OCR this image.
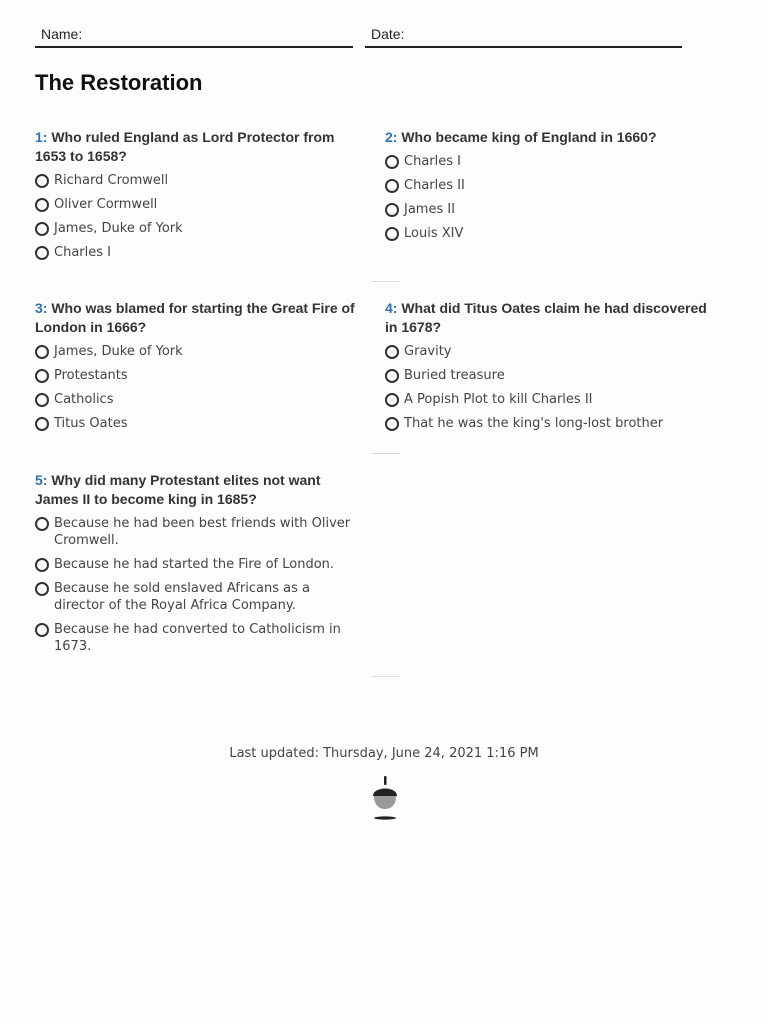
Name:	Date:
The Restoration

1: Who ruled England as Lord Protector from 1653 to 1658?

Richard Cromwell
Oliver Cormwell
James, Duke of York
Charles I

2: Who became king of England in 1660?

Charles I
Charles II
James II
Louis XIV

3: Who was blamed for starting the Great Fire of London in 1666?

James, Duke of York
Protestants
Catholics
Titus Oates

4: What did Titus Oates claim he had discovered in 1678?

Gravity
Buried treasure
A Popish Plot to kill Charles II
That he was the king's long-lost brother

5: Why did many Protestant elites not want James II to become king in 1685?

Because he had been best friends with Oliver Cromwell.
Because he had started the Fire of London.
Because he sold enslaved Africans as a director of the Royal Africa Company.
Because he had converted to Catholicism in 1673.
Last updated: Thursday, June 24, 2021 1:16 PM
